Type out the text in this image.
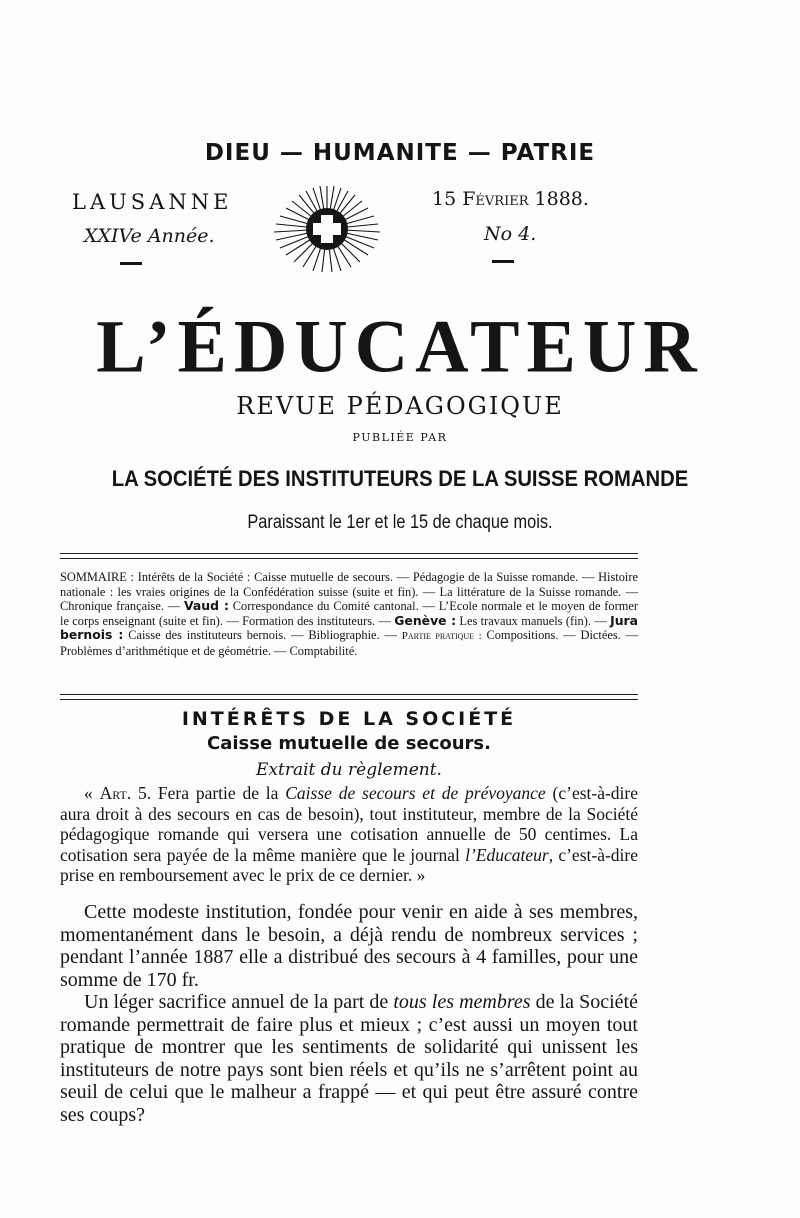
DIEU — HUMANITE — PATRIE
LAUSANNE
XXIVe Année.
15 Février 1888.
No 4.
L’ÉDUCATEUR
REVUE PÉDAGOGIQUE
PUBLIÉE PAR
LA SOCIÉTÉ DES INSTITUTEURS DE LA SUISSE ROMANDE
Paraissant le 1er et le 15 de chaque mois.
SOMMAIRE : Intérêts de la Société : Caisse mutuelle de secours. — Pédagogie de la Suisse romande. — Histoire nationale : les vraies origines de la Confédération suisse (suite et fin). — La littérature de la Suisse romande. — Chronique française. — Vaud : Correspondance du Comité cantonal. — L’Ecole normale et le moyen de former le corps enseignant (suite et fin). — Formation des instituteurs. — Genève : Les travaux manuels (fin). — Jura bernois : Caisse des instituteurs bernois. — Bibliographie. — Partie pratique : Compositions. — Dictées. — Problèmes d’arithmétique et de géométrie. — Comptabilité.
INTÉRÊTS DE LA SOCIÉTÉ
Caisse mutuelle de secours.
Extrait du règlement.
« Art. 5. Fera partie de la Caisse de secours et de prévoyance (c’est-à-dire aura droit à des secours en cas de besoin), tout instituteur, membre de la Société pédagogique romande qui versera une cotisation annuelle de 50 centimes. La cotisation sera payée de la même manière que le journal l’Educateur, c’est-à-dire prise en remboursement avec le prix de ce dernier. »
Cette modeste institution, fondée pour venir en aide à ses membres, momentanément dans le besoin, a déjà rendu de nombreux services ; pendant l’année 1887 elle a distribué des secours à 4 familles, pour une somme de 170 fr.
Un léger sacrifice annuel de la part de tous les membres de la Société romande permettrait de faire plus et mieux ; c’est aussi un moyen tout pratique de montrer que les sentiments de solidarité qui unissent les instituteurs de notre pays sont bien réels et qu’ils ne s’arrêtent point au seuil de celui que le malheur a frappé — et qui peut être assuré contre ses coups?
